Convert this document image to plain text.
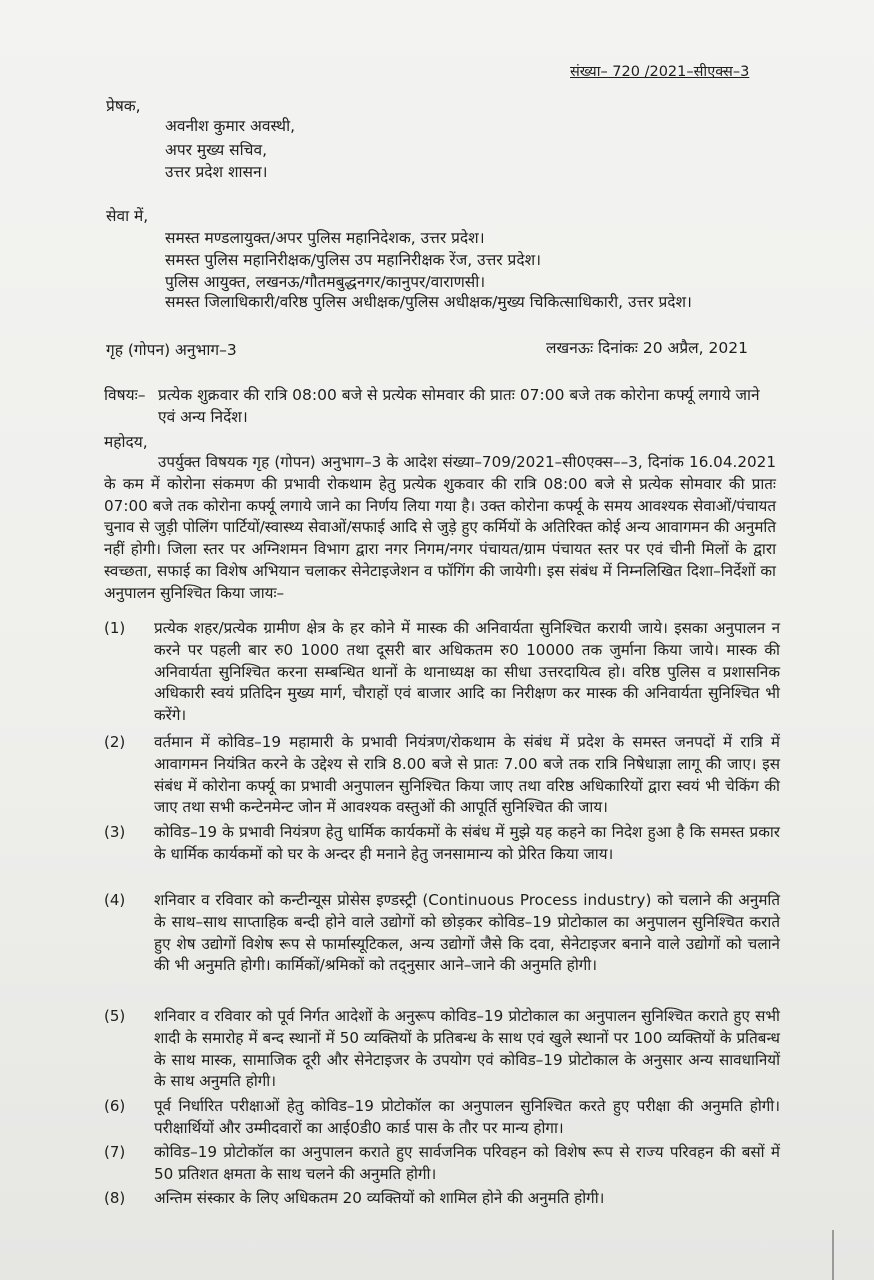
संख्या– 720 /2021–सीएक्स–3
प्रेषक,
अवनीश कुमार अवस्थी,
अपर मुख्य सचिव,
उत्तर प्रदेश शासन।
सेवा में,
समस्त मण्डलायुक्त/अपर पुलिस महानिदेशक, उत्तर प्रदेश।
समस्त पुलिस महानिरीक्षक/पुलिस उप महानिरीक्षक रेंज, उत्तर प्रदेश।
पुलिस आयुक्त, लखनऊ/गौतमबुद्धनगर/कानुपर/वाराणसी।
समस्त जिलाधिकारी/वरिष्ठ पुलिस अधीक्षक/पुलिस अधीक्षक/मुख्य चिकित्साधिकारी, उत्तर प्रदेश।
गृह (गोपन) अनुभाग–3	लखनऊः दिनांकः 20 अप्रैल, 2021
विषयः– प्रत्येक शुक्रवार की रात्रि 08:00 बजे से प्रत्येक सोमवार की प्रातः 07:00 बजे तक कोरोना कर्फ्यू लगाये जाने एवं अन्य निर्देश।
महोदय,
उपर्युक्त विषयक गृह (गोपन) अनुभाग–3 के आदेश संख्या–709/2021–सी0एक्स––3, दिनांक 16.04.2021 के कम में कोरोना संकमण की प्रभावी रोकथाम हेतु प्रत्येक शुकवार की रात्रि 08:00 बजे से प्रत्येक सोमवार की प्रातः 07:00 बजे तक कोरोना कर्फ्यू लगाये जाने का निर्णय लिया गया है। उक्त कोरोना कर्फ्यू के समय आवश्यक सेवाओं/पंचायत चुनाव से जुड़ी पोलिंग पार्टियों/स्वास्थ्य सेवाओं/सफाई आदि से जुड़े हुए कर्मियों के अतिरिक्त कोई अन्य आवागमन की अनुमति नहीं होगी। जिला स्तर पर अग्निशमन विभाग द्वारा नगर निगम/नगर पंचायत/ग्राम पंचायत स्तर पर एवं चीनी मिलों के द्वारा स्वच्छता, सफाई का विशेष अभियान चलाकर सेनेटाइजेशन व फॉगिंग की जायेगी। इस संबंध में निम्नलिखित दिशा–निर्देशों का अनुपालन सुनिश्चित किया जायः–
(1) प्रत्येक शहर/प्रत्येक ग्रामीण क्षेत्र के हर कोने में मास्क की अनिवार्यता सुनिश्चित करायी जाये। इसका अनुपालन न करने पर पहली बार रु0 1000 तथा दूसरी बार अधिकतम रु0 10000 तक जुर्माना किया जाये। मास्क की अनिवार्यता सुनिश्चित करना सम्बन्धित थानों के थानाध्यक्ष का सीधा उत्तरदायित्व हो। वरिष्ठ पुलिस व प्रशासनिक अधिकारी स्वयं प्रतिदिन मुख्य मार्ग, चौराहों एवं बाजार आदि का निरीक्षण कर मास्क की अनिवार्यता सुनिश्चित भी करेंगे।
(2) वर्तमान में कोविड–19 महामारी के प्रभावी नियंत्रण/रोकथाम के संबंध में प्रदेश के समस्त जनपदों में रात्रि में आवागमन नियंत्रित करने के उद्देश्य से रात्रि 8.00 बजे से प्रातः 7.00 बजे तक रात्रि निषेधाज्ञा लागू की जाए। इस संबंध में कोरोना कर्फ्यू का प्रभावी अनुपालन सुनिश्चित किया जाए तथा वरिष्ठ अधिकारियों द्वारा स्वयं भी चेकिंग की जाए तथा सभी कन्टेनमेन्ट जोन में आवश्यक वस्तुओं की आपूर्ति सुनिश्चित की जाय।
(3) कोविड–19 के प्रभावी नियंत्रण हेतु धार्मिक कार्यकमों के संबंध में मुझे यह कहने का निदेश हुआ है कि समस्त प्रकार के धार्मिक कार्यकमों को घर के अन्दर ही मनाने हेतु जनसामान्य को प्रेरित किया जाय।
(4) शनिवार व रविवार को कन्टीन्यूस प्रोसेस इण्डस्ट्री (Continuous Process industry) को चलाने की अनुमति के साथ–साथ साप्ताहिक बन्दी होने वाले उद्योगों को छोड़कर कोविड–19 प्रोटोकाल का अनुपालन सुनिश्चित कराते हुए शेष उद्योगों विशेष रूप से फार्मास्यूटिकल, अन्य उद्योगों जैसे कि दवा, सेनेटाइजर बनाने वाले उद्योगों को चलाने की भी अनुमति होगी। कार्मिकों/श्रमिकों को तद्नुसार आने–जाने की अनुमति होगी।
(5) शनिवार व रविवार को पूर्व निर्गत आदेशों के अनुरूप कोविड–19 प्रोटोकाल का अनुपालन सुनिश्चित कराते हुए सभी शादी के समारोह में बन्द स्थानों में 50 व्यक्तियों के प्रतिबन्ध के साथ एवं खुले स्थानों पर 100 व्यक्तियों के प्रतिबन्ध के साथ मास्क, सामाजिक दूरी और सेनेटाइजर के उपयोग एवं कोविड–19 प्रोटोकाल के अनुसार अन्य सावधानियों के साथ अनुमति होगी।
(6) पूर्व निर्धारित परीक्षाओं हेतु कोविड–19 प्रोटोकॉल का अनुपालन सुनिश्चित करते हुए परीक्षा की अनुमति होगी। परीक्षार्थियों और उम्मीदवारों का आई0डी0 कार्ड पास के तौर पर मान्य होगा।
(7) कोविड–19 प्रोटोकॉल का अनुपालन कराते हुए सार्वजनिक परिवहन को विशेष रूप से राज्य परिवहन की बसों में 50 प्रतिशत क्षमता के साथ चलने की अनुमति होगी।
(8) अन्तिम संस्कार के लिए अधिकतम 20 व्यक्तियों को शामिल होने की अनुमति होगी।
